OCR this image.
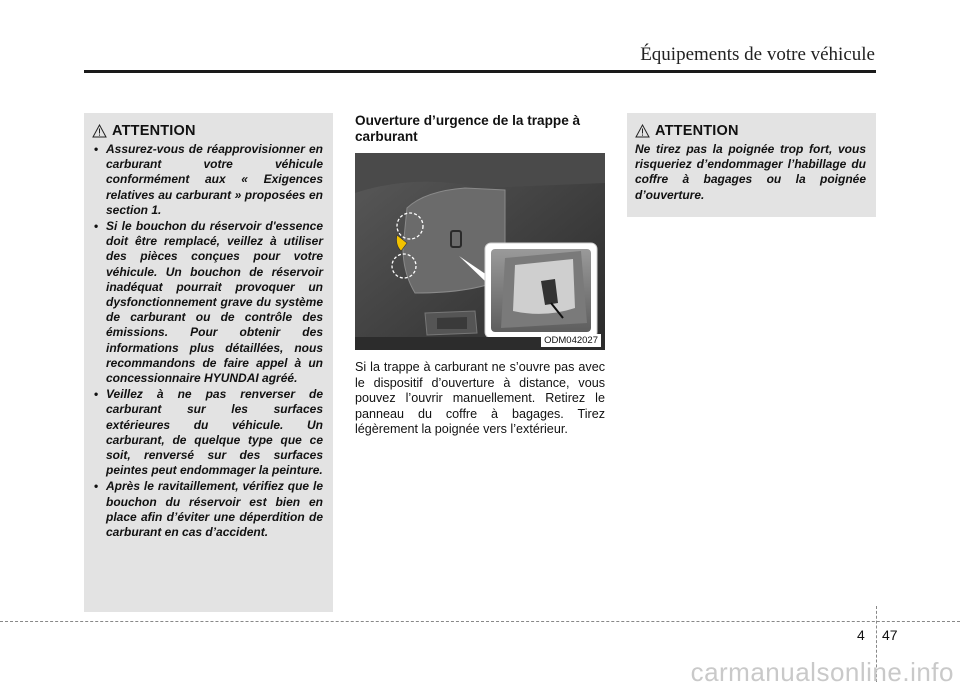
Équipements de votre véhicule
ATTENTION
• Assurez-vous de réapprovisionner en carburant votre véhicule conformément aux « Exigences relatives au carburant » proposées en section 1.
• Si le bouchon du réservoir d'essence doit être remplacé, veillez à utiliser des pièces conçues pour votre véhicule. Un bouchon de réservoir inadéquat pourrait provoquer un dysfonctionnement grave du système de carburant ou de contrôle des émissions. Pour obtenir des informations plus détaillées, nous recommandons de faire appel à un concessionnaire HYUNDAI agréé.
• Veillez à ne pas renverser de carburant sur les surfaces extérieures du véhicule. Un carburant, de quelque type que ce soit, renversé sur des surfaces peintes peut endommager la peinture.
• Après le ravitaillement, vérifiez que le bouchon du réservoir est bien en place afin d’éviter une déperdition de carburant en cas d’accident.
Ouverture d’urgence de la trappe à carburant
ODM042027
Si la trappe à carburant ne s’ouvre pas avec le dispositif d’ouverture à distance, vous pouvez l’ouvrir manuellement. Retirez le panneau du coffre à bagages. Tirez légèrement la poignée vers l’extérieur.
ATTENTION
Ne tirez pas la poignée trop fort, vous risqueriez d’endommager l’habillage du coffre à bagages ou la poignée d’ouverture.
4 47
carmanualsonline.info
